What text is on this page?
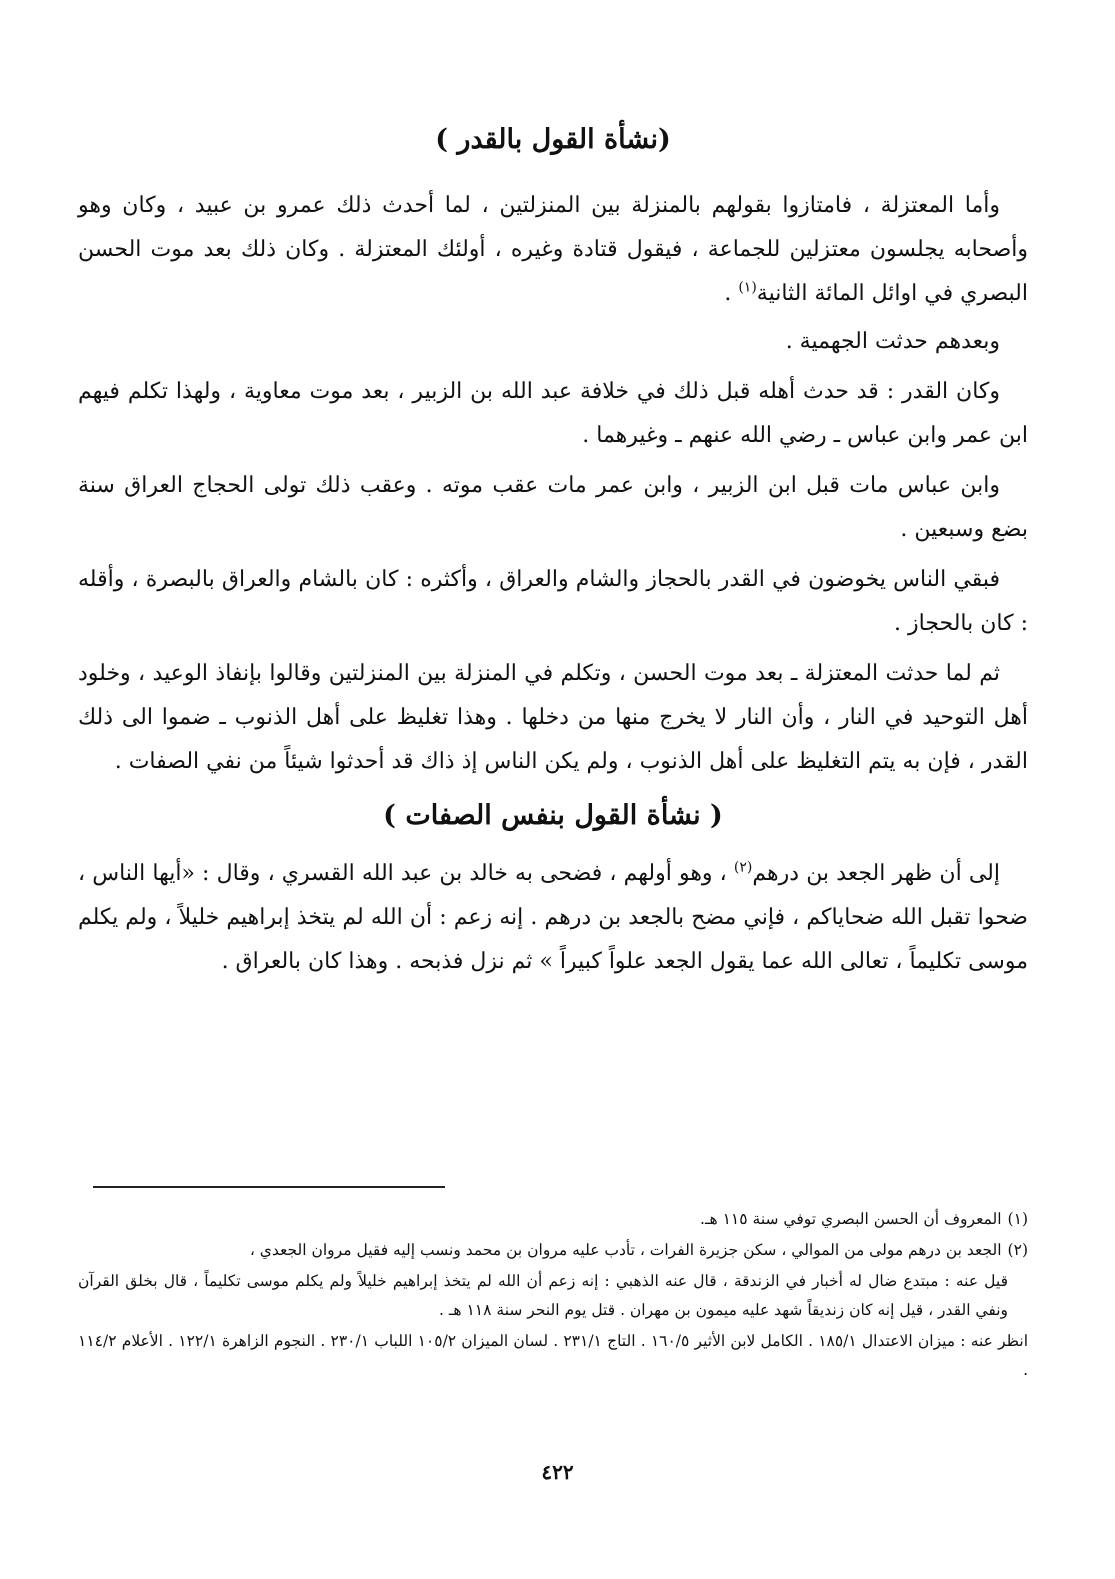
(نشأة القول بالقدر )

وأما المعتزلة ، فامتازوا بقولهم بالمنزلة بين المنزلتين ، لما أحدث ذلك عمرو بن عبيد ، وكان وهو وأصحابه يجلسون معتزلين للجماعة ، فيقول قتادة وغيره ، أولئك المعتزلة . وكان ذلك بعد موت الحسن البصري في اوائل المائة الثانية$^{(١)}$ .

وبعدهم حدثت الجهمية .

وكان القدر : قد حدث أهله قبل ذلك في خلافة عبد الله بن الزبير ، بعد موت معاوية ، ولهذا تكلم فيهم ابن عمر وابن عباس ـ رضي الله عنهم ـ وغيرهما .

وابن عباس مات قبل ابن الزبير ، وابن عمر مات عقب موته . وعقب ذلك تولى الحجاج العراق سنة بضع وسبعين .

فبقي الناس يخوضون في القدر بالحجاز والشام والعراق ، وأكثره : كان بالشام والعراق بالبصرة ، وأقله : كان بالحجاز .

ثم لما حدثت المعتزلة ـ بعد موت الحسن ، وتكلم في المنزلة بين المنزلتين وقالوا بإنفاذ الوعيد ، وخلود أهل التوحيد في النار ، وأن النار لا يخرج منها من دخلها . وهذا تغليظ على أهل الذنوب ـ ضموا الى ذلك القدر ، فإن به يتم التغليظ على أهل الذنوب ، ولم يكن الناس إذ ذاك قد أحدثوا شيئاً من نفي الصفات .

( نشأة القول بنفس الصفات )

إلى أن ظهر الجعد بن درهم$^{(٢)}$ ، وهو أولهم ، فضحى به خالد بن عبد الله القسري ، وقال : «أيها الناس ، ضحوا تقبل الله ضحاياكم ، فإني مضح بالجعد بن درهم . إنه زعم : أن الله لم يتخذ إبراهيم خليلاً ، ولم يكلم موسى تكليماً ، تعالى الله عما يقول الجعد علواً كبيراً » ثم نزل فذبحه . وهذا كان بالعراق .

(١)المعروف أن الحسن البصري توفي سنة ١١٥ هـ.

(٢)الجعد بن درهم مولى من الموالي ، سكن جزيرة الفرات ، تأدب عليه مروان بن محمد ونسب إليه فقيل مروان الجعدي ،

قيل عنه : مبتدع ضال له أخبار في الزندقة ، قال عنه الذهبي : إنه زعم أن الله لم يتخذ إبراهيم خليلاً ولم يكلم موسى تكليماً ، قال بخلق القرآن ونفي القدر ، قيل إنه كان زنديقاً شهد عليه ميمون بن مهران . قتل يوم النحر سنة ١١٨ هـ .

انظر عنه : ميزان الاعتدال ١٨٥/١ . الكامل لابن الأثير ١٦٠/٥ . التاج ٢٣١/١ . لسان الميزان ١٠٥/٢ اللباب ٢٣٠/١ . النجوم الزاهرة ١٢٢/١ . الأعلام ١١٤/٢ .

٤٢٢
